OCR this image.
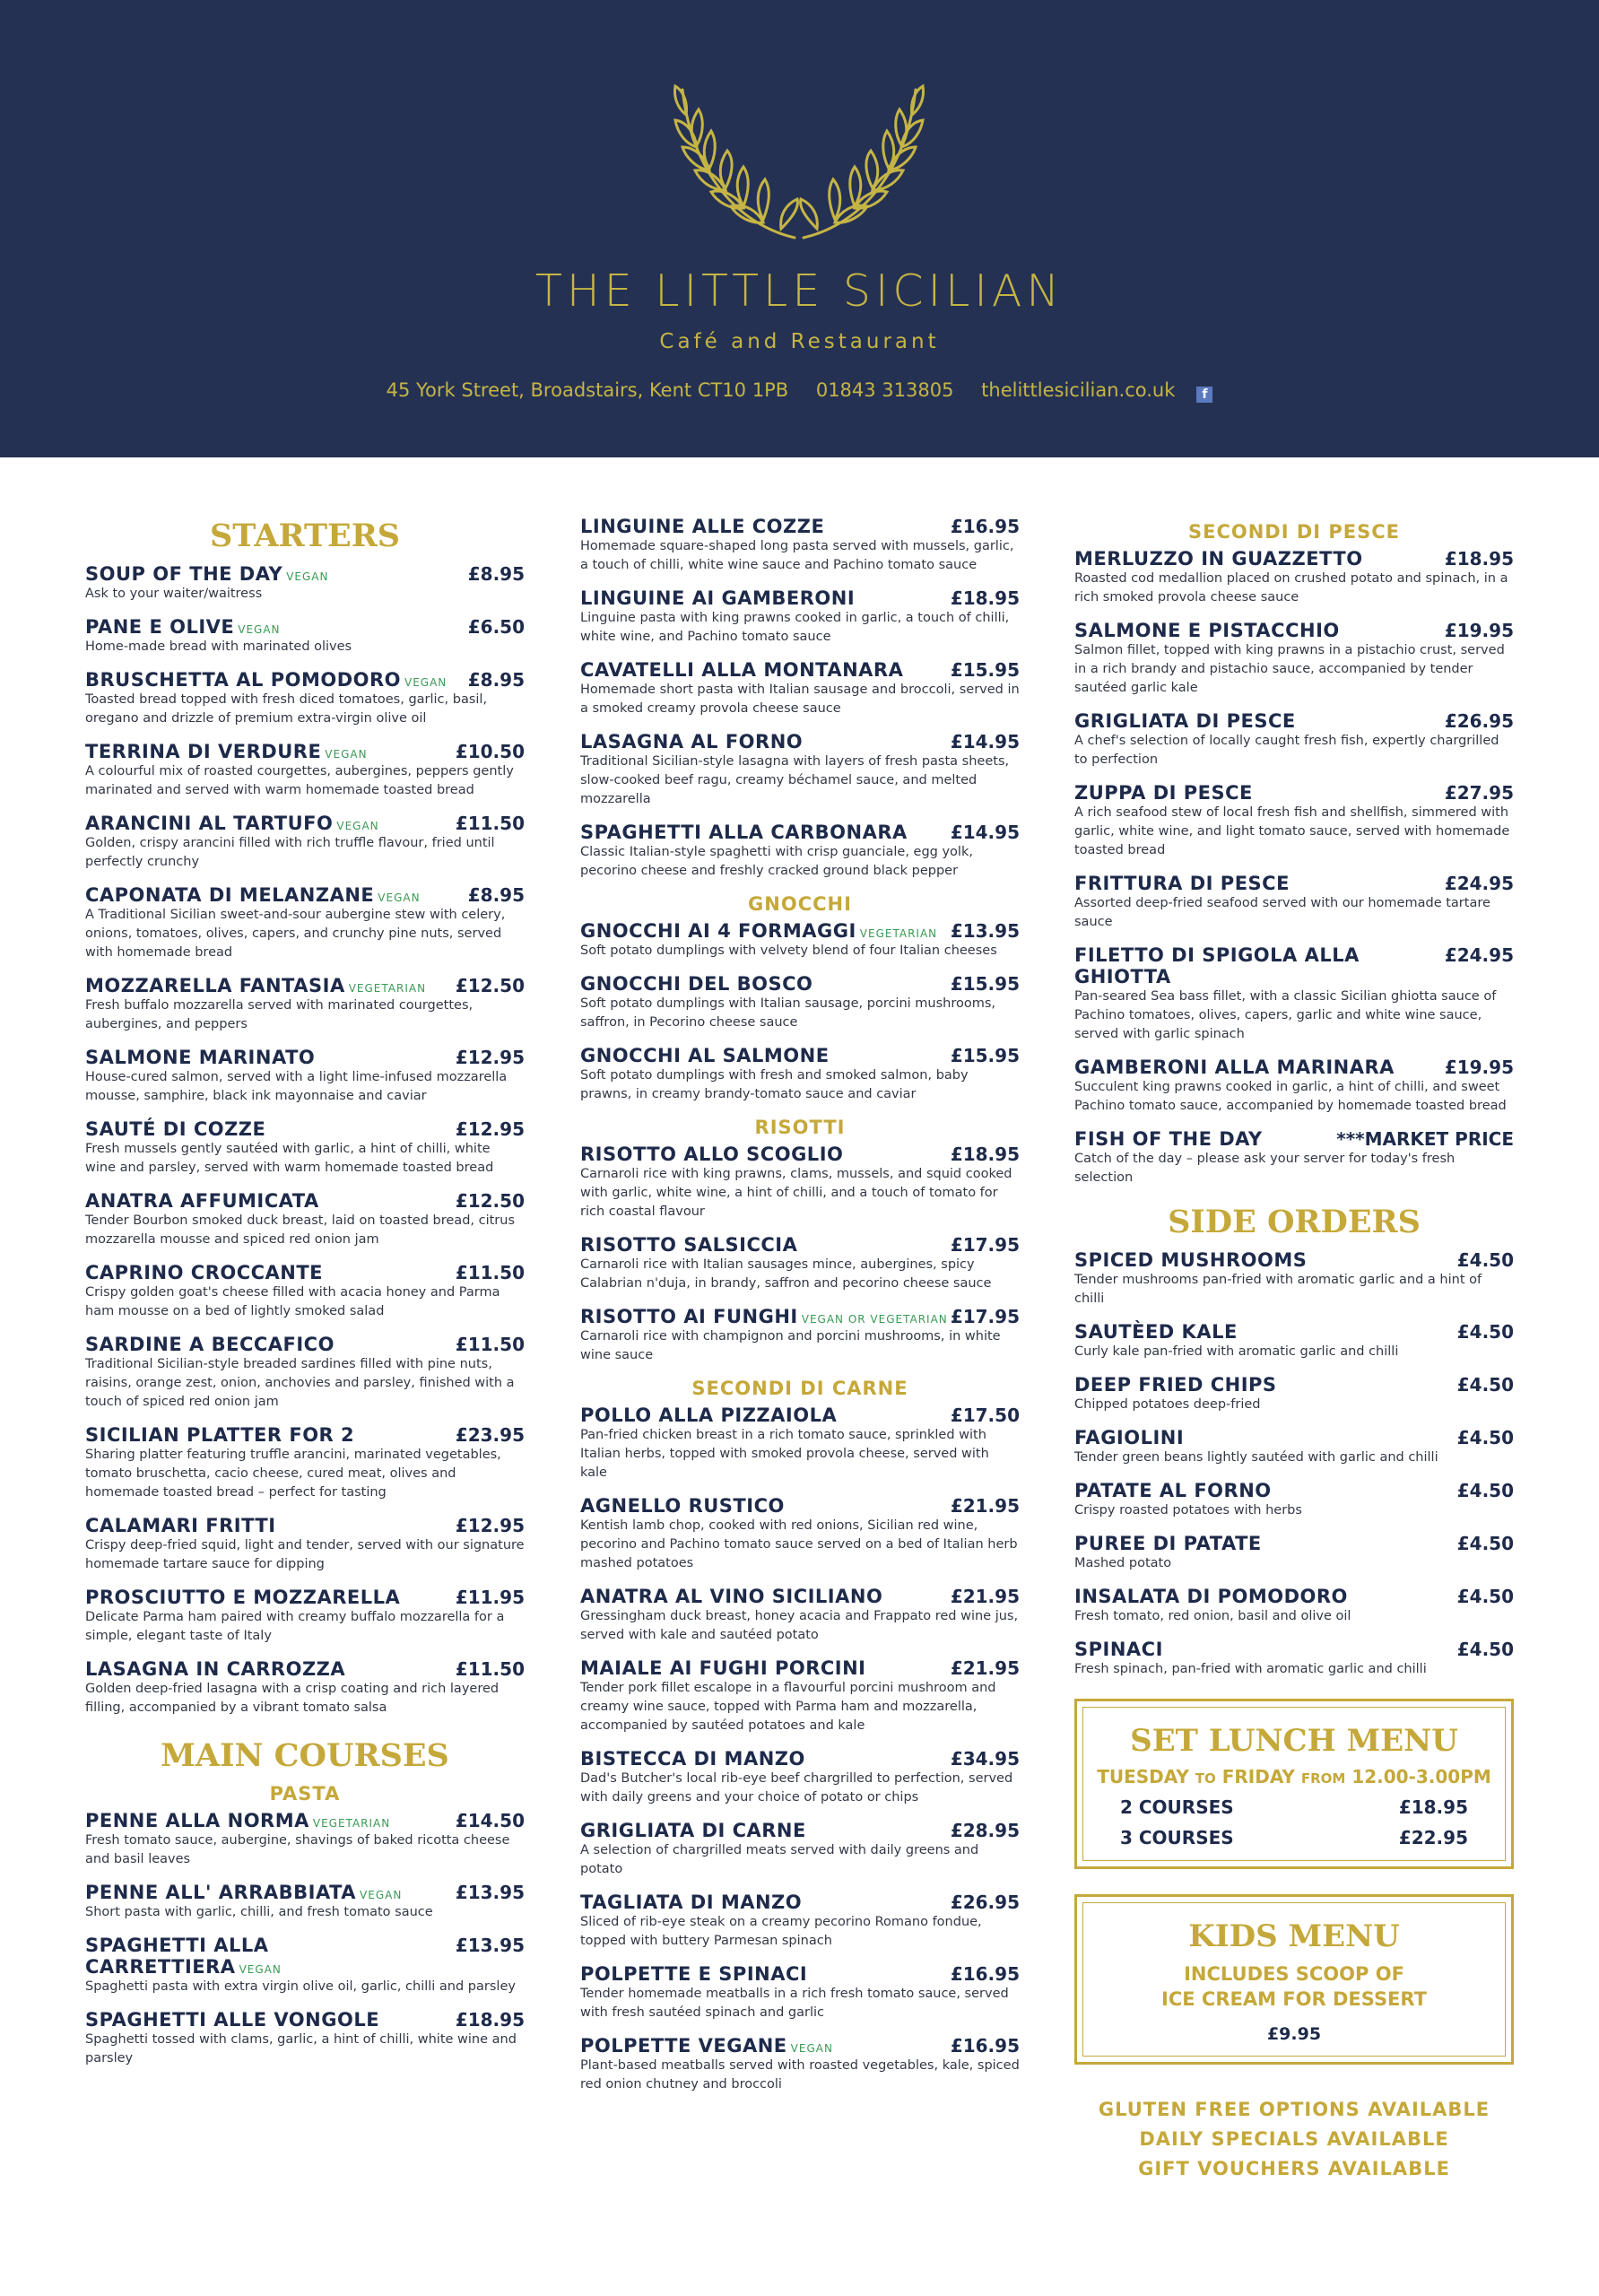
THE LITTLE SICILIAN
Café and Restaurant
45 York Street, Broadstairs, Kent CT10 1PB 01843 313805 thelittlesicilian.co.uk f
STARTERS
SOUP OF THE DAY VEGAN	£8.95
Ask to your waiter/waitress
PANE E OLIVE VEGAN	£6.50
Home-made bread with marinated olives
BRUSCHETTA AL POMODORO VEGAN £8.95
Toasted bread topped with fresh diced tomatoes, garlic, basil, oregano and drizzle of premium extra-virgin olive oil
TERRINA DI VERDURE VEGAN	£10.50
A colourful mix of roasted courgettes, aubergines, peppers gently marinated and served with warm homemade toasted bread
ARANCINI AL TARTUFO VEGAN	£11.50
Golden, crispy arancini filled with rich truffle flavour, fried until perfectly crunchy
CAPONATA DI MELANZANE VEGAN	£8.95
A Traditional Sicilian sweet-and-sour aubergine stew with celery, onions, tomatoes, olives, capers, and crunchy pine nuts, served with homemade bread
MOZZARELLA FANTASIA VEGETARIAN £12.50
Fresh buffalo mozzarella served with marinated courgettes, aubergines, and peppers
SALMONE MARINATO	£12.95
House-cured salmon, served with a light lime-infused mozzarella mousse, samphire, black ink mayonnaise and caviar
SAUTÉ DI COZZE	£12.95
Fresh mussels gently sautéed with garlic, a hint of chilli, white wine and parsley, served with warm homemade toasted bread
ANATRA AFFUMICATA	£12.50
Tender Bourbon smoked duck breast, laid on toasted bread, citrus mozzarella mousse and spiced red onion jam
CAPRINO CROCCANTE	£11.50
Crispy golden goat's cheese filled with acacia honey and Parma ham mousse on a bed of lightly smoked salad
SARDINE A BECCAFICO	£11.50
Traditional Sicilian-style breaded sardines filled with pine nuts, raisins, orange zest, onion, anchovies and parsley, finished with a touch of spiced red onion jam
SICILIAN PLATTER FOR 2	£23.95
Sharing platter featuring truffle arancini, marinated vegetables, tomato bruschetta, cacio cheese, cured meat, olives and homemade toasted bread – perfect for tasting
CALAMARI FRITTI	£12.95
Crispy deep-fried squid, light and tender, served with our signature homemade tartare sauce for dipping
PROSCIUTTO E MOZZARELLA	£11.95
Delicate Parma ham paired with creamy buffalo mozzarella for a simple, elegant taste of Italy
LASAGNA IN CARROZZA	£11.50
Golden deep-fried lasagna with a crisp coating and rich layered filling, accompanied by a vibrant tomato salsa
MAIN COURSES
PASTA
PENNE ALLA NORMA VEGETARIAN	£14.50
Fresh tomato sauce, aubergine, shavings of baked ricotta cheese and basil leaves
PENNE ALL' ARRABBIATA VEGAN	£13.95
Short pasta with garlic, chilli, and fresh tomato sauce
SPAGHETTI ALLA CARRETTIERA VEGAN
£13.95
Spaghetti pasta with extra virgin olive oil, garlic, chilli and parsley
SPAGHETTI ALLE VONGOLE	£18.95
Spaghetti tossed with clams, garlic, a hint of chilli, white wine and parsley
LINGUINE ALLE COZZE	£16.95
Homemade square-shaped long pasta served with mussels, garlic, a touch of chilli, white wine sauce and Pachino tomato sauce
LINGUINE AI GAMBERONI	£18.95
Linguine pasta with king prawns cooked in garlic, a touch of chilli, white wine, and Pachino tomato sauce
CAVATELLI ALLA MONTANARA	£15.95
Homemade short pasta with Italian sausage and broccoli, served in a smoked creamy provola cheese sauce
LASAGNA AL FORNO	£14.95
Traditional Sicilian-style lasagna with layers of fresh pasta sheets, slow-cooked beef ragu, creamy béchamel sauce, and melted mozzarella
SPAGHETTI ALLA CARBONARA £14.95
Classic Italian-style spaghetti with crisp guanciale, egg yolk, pecorino cheese and freshly cracked ground black pepper
GNOCCHI
GNOCCHI AI 4 FORMAGGI VEGETARIAN £13.95
Soft potato dumplings with velvety blend of four Italian cheeses
GNOCCHI DEL BOSCO	£15.95
Soft potato dumplings with Italian sausage, porcini mushrooms, saffron, in Pecorino cheese sauce
GNOCCHI AL SALMONE	£15.95
Soft potato dumplings with fresh and smoked salmon, baby prawns, in creamy brandy-tomato sauce and caviar
RISOTTI
RISOTTO ALLO SCOGLIO	£18.95
Carnaroli rice with king prawns, clams, mussels, and squid cooked with garlic, white wine, a hint of chilli, and a touch of tomato for rich coastal flavour
RISOTTO SALSICCIA	£17.95
Carnaroli rice with Italian sausages mince, aubergines, spicy Calabrian n'duja, in brandy, saffron and pecorino cheese sauce
RISOTTO AI FUNGHI VEGAN OR VEGETARIAN £17.95
Carnaroli rice with champignon and porcini mushrooms, in white wine sauce
SECONDI DI CARNE
POLLO ALLA PIZZAIOLA	£17.50
Pan-fried chicken breast in a rich tomato sauce, sprinkled with Italian herbs, topped with smoked provola cheese, served with kale
AGNELLO RUSTICO	£21.95
Kentish lamb chop, cooked with red onions, Sicilian red wine, pecorino and Pachino tomato sauce served on a bed of Italian herb mashed potatoes
ANATRA AL VINO SICILIANO	£21.95
Gressingham duck breast, honey acacia and Frappato red wine jus, served with kale and sautéed potato
MAIALE AI FUGHI PORCINI	£21.95
Tender pork fillet escalope in a flavourful porcini mushroom and creamy wine sauce, topped with Parma ham and mozzarella, accompanied by sautéed potatoes and kale
BISTECCA DI MANZO	£34.95
Dad's Butcher's local rib-eye beef chargrilled to perfection, served with daily greens and your choice of potato or chips
GRIGLIATA DI CARNE	£28.95
A selection of chargrilled meats served with daily greens and potato
TAGLIATA DI MANZO	£26.95
Sliced of rib-eye steak on a creamy pecorino Romano fondue, topped with buttery Parmesan spinach
POLPETTE E SPINACI	£16.95
Tender homemade meatballs in a rich fresh tomato sauce, served with fresh sautéed spinach and garlic
POLPETTE VEGANE VEGAN	£16.95
Plant-based meatballs served with roasted vegetables, kale, spiced red onion chutney and broccoli
SECONDI DI PESCE
MERLUZZO IN GUAZZETTO	£18.95
Roasted cod medallion placed on crushed potato and spinach, in a rich smoked provola cheese sauce
SALMONE E PISTACCHIO	£19.95
Salmon fillet, topped with king prawns in a pistachio crust, served in a rich brandy and pistachio sauce, accompanied by tender sautéed garlic kale
GRIGLIATA DI PESCE	£26.95
A chef's selection of locally caught fresh fish, expertly chargrilled to perfection
ZUPPA DI PESCE	£27.95
A rich seafood stew of local fresh fish and shellfish, simmered with garlic, white wine, and light tomato sauce, served with homemade toasted bread
FRITTURA DI PESCE	£24.95
Assorted deep-fried seafood served with our homemade tartare sauce
FILETTO DI SPIGOLA ALLA GHIOTTA
£24.95
Pan-seared Sea bass fillet, with a classic Sicilian ghiotta sauce of Pachino tomatoes, olives, capers, garlic and white wine sauce, served with garlic spinach
GAMBERONI ALLA MARINARA	£19.95
Succulent king prawns cooked in garlic, a hint of chilli, and sweet Pachino tomato sauce, accompanied by homemade toasted bread
FISH OF THE DAY	***MARKET PRICE
Catch of the day – please ask your server for today's fresh selection
SIDE ORDERS
SPICED MUSHROOMS	£4.50
Tender mushrooms pan-fried with aromatic garlic and a hint of chilli
SAUTÈED KALE	£4.50
Curly kale pan-fried with aromatic garlic and chilli
DEEP FRIED CHIPS	£4.50
Chipped potatoes deep-fried
FAGIOLINI	£4.50
Tender green beans lightly sautéed with garlic and chilli
PATATE AL FORNO	£4.50
Crispy roasted potatoes with herbs
PUREE DI PATATE	£4.50
Mashed potato
INSALATA DI POMODORO	£4.50
Fresh tomato, red onion, basil and olive oil
SPINACI	£4.50
Fresh spinach, pan-fried with aromatic garlic and chilli
SET LUNCH MENU
TUESDAY TO FRIDAY FROM 12.00-3.00PM
2 COURSES	£18.95
3 COURSES	£22.95
KIDS MENU
INCLUDES SCOOP OF
ICE CREAM FOR DESSERT
£9.95
GLUTEN FREE OPTIONS AVAILABLE
DAILY SPECIALS AVAILABLE
GIFT VOUCHERS AVAILABLE
